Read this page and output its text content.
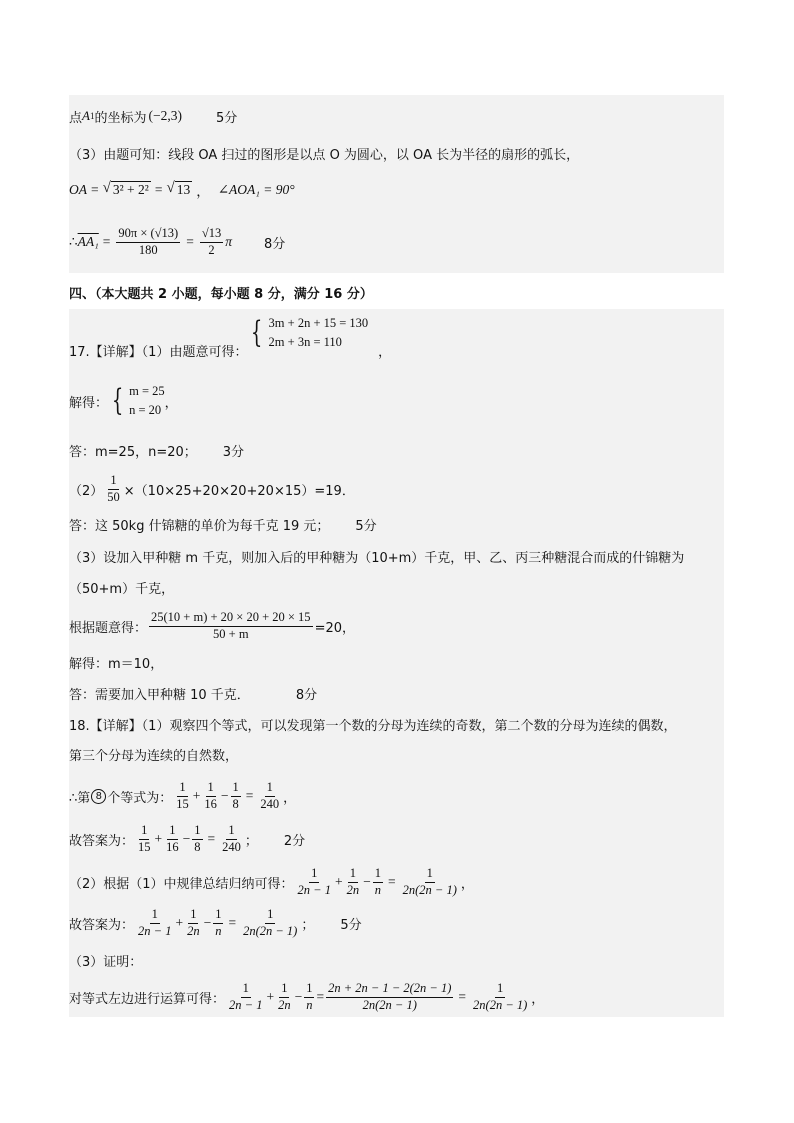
点 A 1 的坐标为 (−2,3)	5分
（3）由题可知：线段 OA 扫过的图形是以点 O 为圆心，以 OA 长为半径的扇形的弧长，
OA = √ 3² + 2² = √ 13 ， ∠AOA₁ = 90°
∴ $AA_1 = \frac{90\pi \times (√13)}{180} = \frac{√13}{2}$ π 8分
四、（本大题共 2 小题，每小题 8 分，满分 16 分）
17.【详解】（1）由题意可得：
{ 3m + 2n + 15 = 130
2m + 3n = 110
，
解得： { m = 25
n = 20 ，
答：m=25，n=20； 3分
$(2) \frac{1}{50} \times(10\times 25+20\times 20+20\times 15)=19$．
答：这 50kg 什锦糖的单价为每千克 19 元； 5分
（3）设加入甲种糖 m 千克，则加入后的甲种糖为（10+m）千克，甲、乙、丙三种糖混合而成的什锦糖为
（50+m）千克，
根据题意得： $\frac{25(10 + m) + 20 \times 20 + 20 \times 15}{50 + m} =20$，
解得：m＝10，
答：需要加入甲种糖 10 千克．	8分
18.【详解】（1）观察四个等式，可以发现第一个数的分母为连续的奇数，第二个数的分母为连续的偶数，
第三个分母为连续的自然数，
∴第 8 个等式为： $\frac{1}{15} + \frac{1}{16} - \frac{1}{8} = \frac{1}{240}$ ，
故答案为： $\frac{1}{15} + \frac{1}{16} - \frac{1}{8} = \frac{1}{240}$ ； 2分
（2）根据（1）中规律总结归纳可得： $\frac{1}{2n - 1} + \frac{1}{2n} - \frac{1}{n} = \frac{1}{2n(2n - 1)}$ ，
故答案为： $\frac{1}{2n - 1} + \frac{1}{2n} - \frac{1}{n} = \frac{1}{2n(2n - 1)}$ ； 5分
（3）证明：
对等式左边进行运算可得： $\frac{1}{2n - 1} + \frac{1}{2n} - \frac{1}{n} = \frac{2n + 2n - 1 - 2(2n - 1)}{2n(2n - 1)} = \frac{1}{2n(2n - 1)}$ ，
